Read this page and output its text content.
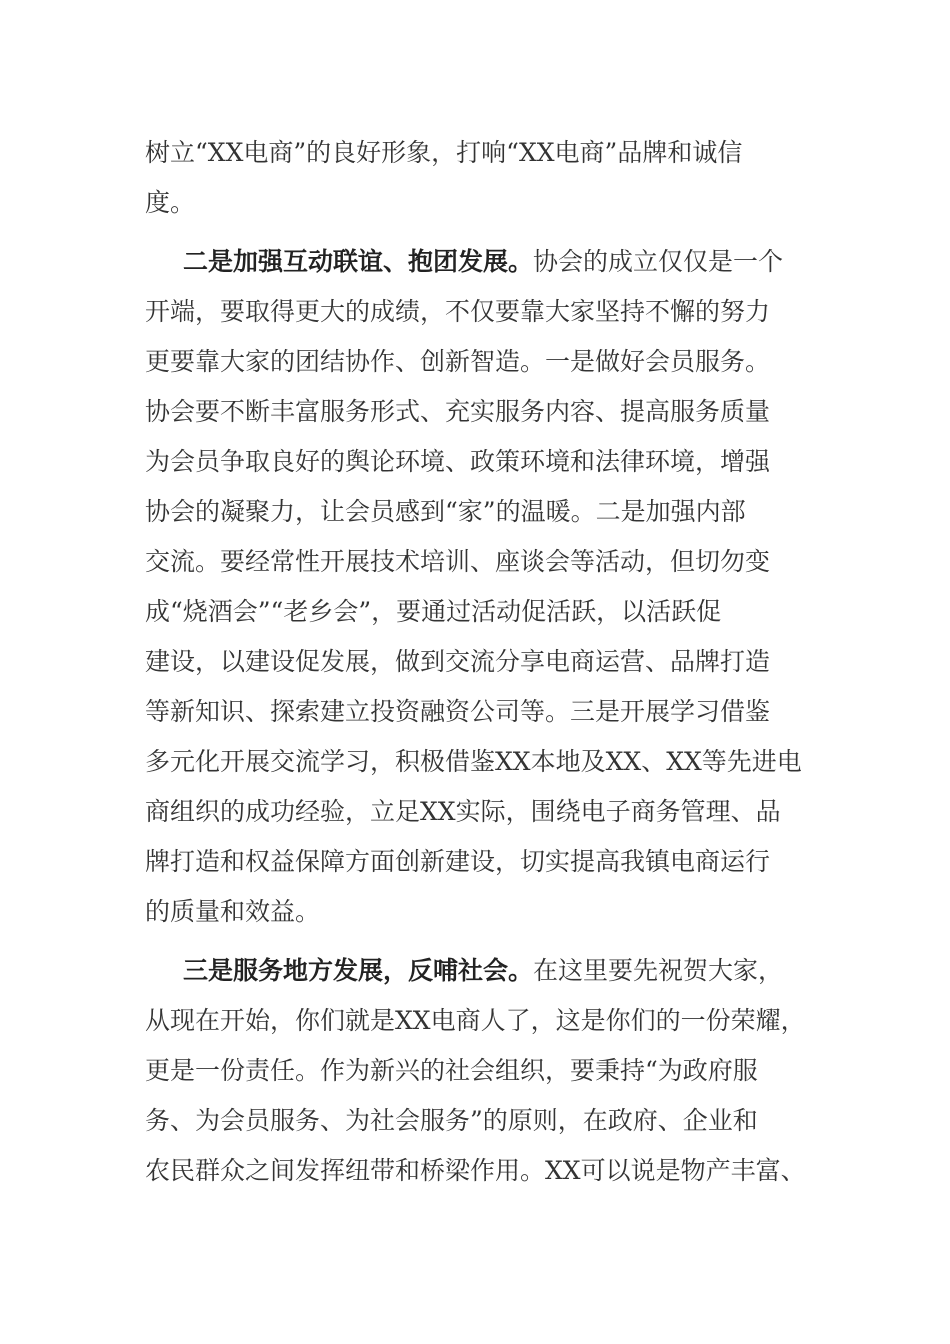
树立“XX电商”的良好形象，打响“XX电商”品牌和诚信
度。
二是加强互动联谊、抱团发展。协会的成立仅仅是一个
开端，要取得更大的成绩，不仅要靠大家坚持不懈的努力
更要靠大家的团结协作、创新智造。一是做好会员服务。
协会要不断丰富服务形式、充实服务内容、提高服务质量
为会员争取良好的舆论环境、政策环境和法律环境，增强
协会的凝聚力，让会员感到“家”的温暖。二是加强内部
交流。要经常性开展技术培训、座谈会等活动，但切勿变
成“烧酒会”“老乡会”，要通过活动促活跃，以活跃促
建设，以建设促发展，做到交流分享电商运营、品牌打造
等新知识、探索建立投资融资公司等。三是开展学习借鉴
多元化开展交流学习，积极借鉴XX本地及XX、XX等先进电
商组织的成功经验，立足XX实际，围绕电子商务管理、品
牌打造和权益保障方面创新建设，切实提高我镇电商运行
的质量和效益。
三是服务地方发展，反哺社会。在这里要先祝贺大家，
从现在开始，你们就是XX电商人了，这是你们的一份荣耀，
更是一份责任。作为新兴的社会组织，要秉持“为政府服
务、为会员服务、为社会服务”的原则，在政府、企业和
农民群众之间发挥纽带和桥梁作用。XX可以说是物产丰富、
